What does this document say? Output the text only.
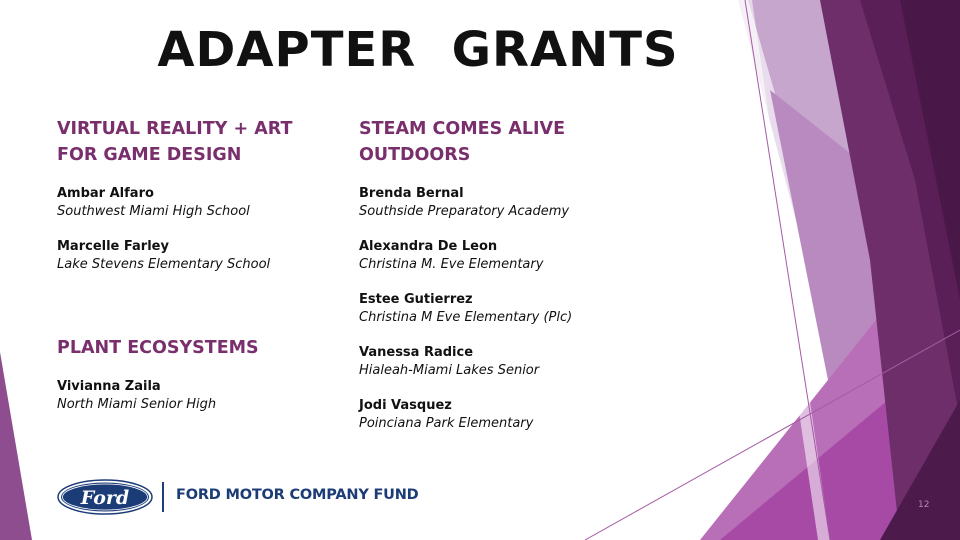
ADAPTER  GRANTS
VIRTUAL REALITY + ART
FOR GAME DESIGN
Ambar Alfaro
Southwest Miami High School
Marcelle Farley
Lake Stevens Elementary School
PLANT ECOSYSTEMS
Vivianna Zaila
North Miami Senior High
STEAM COMES ALIVE
OUTDOORS
Brenda Bernal
Southside Preparatory Academy
Alexandra De Leon
Christina M. Eve Elementary
Estee Gutierrez
Christina M Eve Elementary (Plc)
Vanessa Radice
Hialeah-Miami Lakes Senior
Jodi Vasquez
Poinciana Park Elementary
Ford	FORD MOTOR COMPANY FUND
12
